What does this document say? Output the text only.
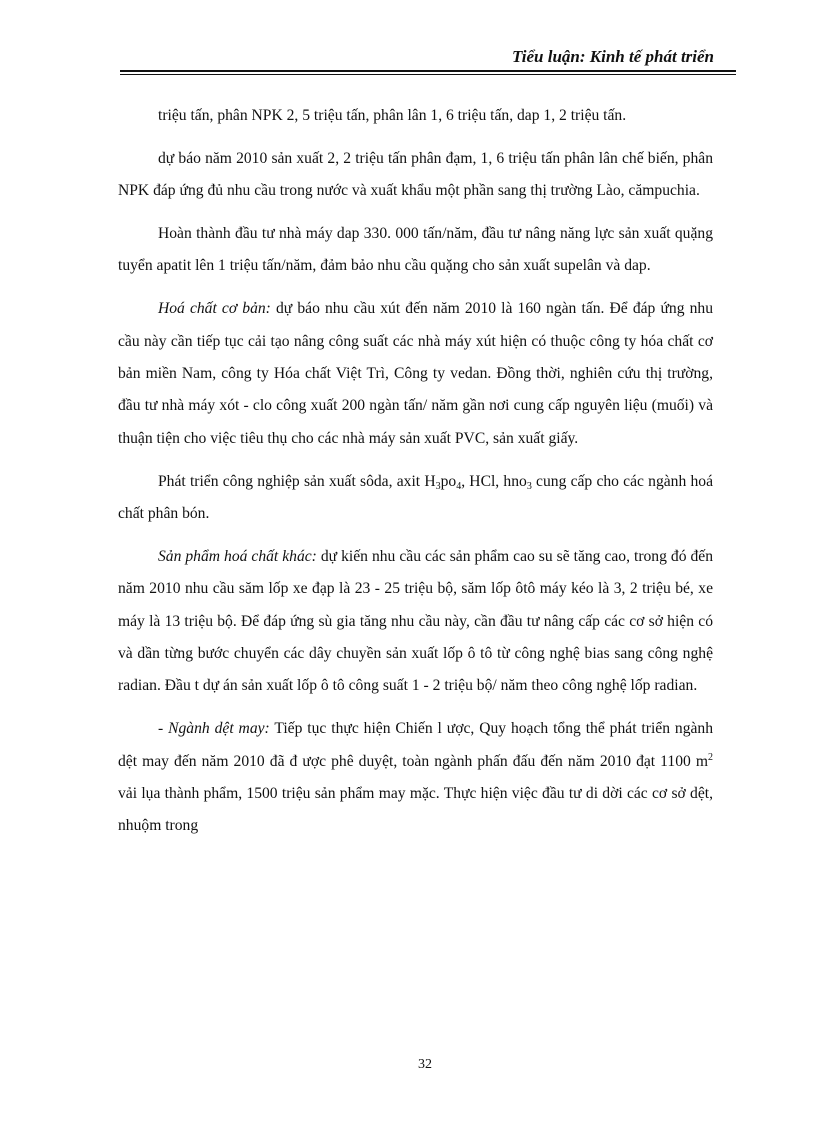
Tiểu luận: Kinh tế phát triển

triệu tấn, phân NPK 2, 5 triệu tấn, phân lân 1, 6 triệu tấn, dap 1, 2 triệu tấn.

dự báo năm 2010 sản xuất 2, 2 triệu tấn phân đạm, 1, 6 triệu tấn phân lân chế biến, phân NPK đáp ứng đủ nhu cầu trong nước và xuất khẩu một phần sang thị trường Lào, cămpuchia.

Hoàn thành đầu tư nhà máy dap 330. 000 tấn/năm, đầu tư nâng năng lực sản xuất quặng tuyển apatit lên 1 triệu tấn/năm, đảm bảo nhu cầu quặng cho sản xuất supelân và dap.

Hoá chất cơ bản: dự báo nhu cầu xút đến năm 2010 là 160 ngàn tấn. Để đáp ứng nhu cầu này cần tiếp tục cải tạo nâng công suất các nhà máy xút hiện có thuộc công ty hóa chất cơ bản miền Nam, công ty Hóa chất Việt Trì, Công ty vedan. Đồng thời, nghiên cứu thị trường, đầu tư nhà máy xót - clo công xuất 200 ngàn tấn/ năm gần nơi cung cấp nguyên liệu (muối) và thuận tiện cho việc tiêu thụ cho các nhà máy sản xuất PVC, sản xuất giấy.

Phát triển công nghiệp sản xuất sôda, axit $H_3po_4$, HCl, hno$_3$ cung cấp cho các ngành hoá chất phân bón.

Sản phẩm hoá chất khác: dự kiến nhu cầu các sản phẩm cao su sẽ tăng cao, trong đó đến năm 2010 nhu cầu săm lốp xe đạp là 23 - 25 triệu bộ, săm lốp ôtô máy kéo là 3, 2 triệu bé, xe máy là 13 triệu bộ. Để đáp ứng sù gia tăng nhu cầu này, cần đầu tư nâng cấp các cơ sở hiện có và dần từng bước chuyển các dây chuyền sản xuất lốp ô tô từ công nghệ bias sang công nghệ radian. Đầu t dự án sản xuất lốp ô tô công suất 1 - 2 triệu bộ/ năm theo công nghệ lốp radian.

- Ngành dệt may: Tiếp tục thực hiện Chiến l ược, Quy hoạch tổng thể phát triển ngành dệt may đến năm 2010 đã đ ược phê duyệt, toàn ngành phấn đấu đến năm 2010 đạt 1100 $m^2$ vải lụa thành phẩm, 1500 triệu sản phẩm may mặc. Thực hiện việc đầu tư di dời các cơ sở dệt, nhuộm trong

32
